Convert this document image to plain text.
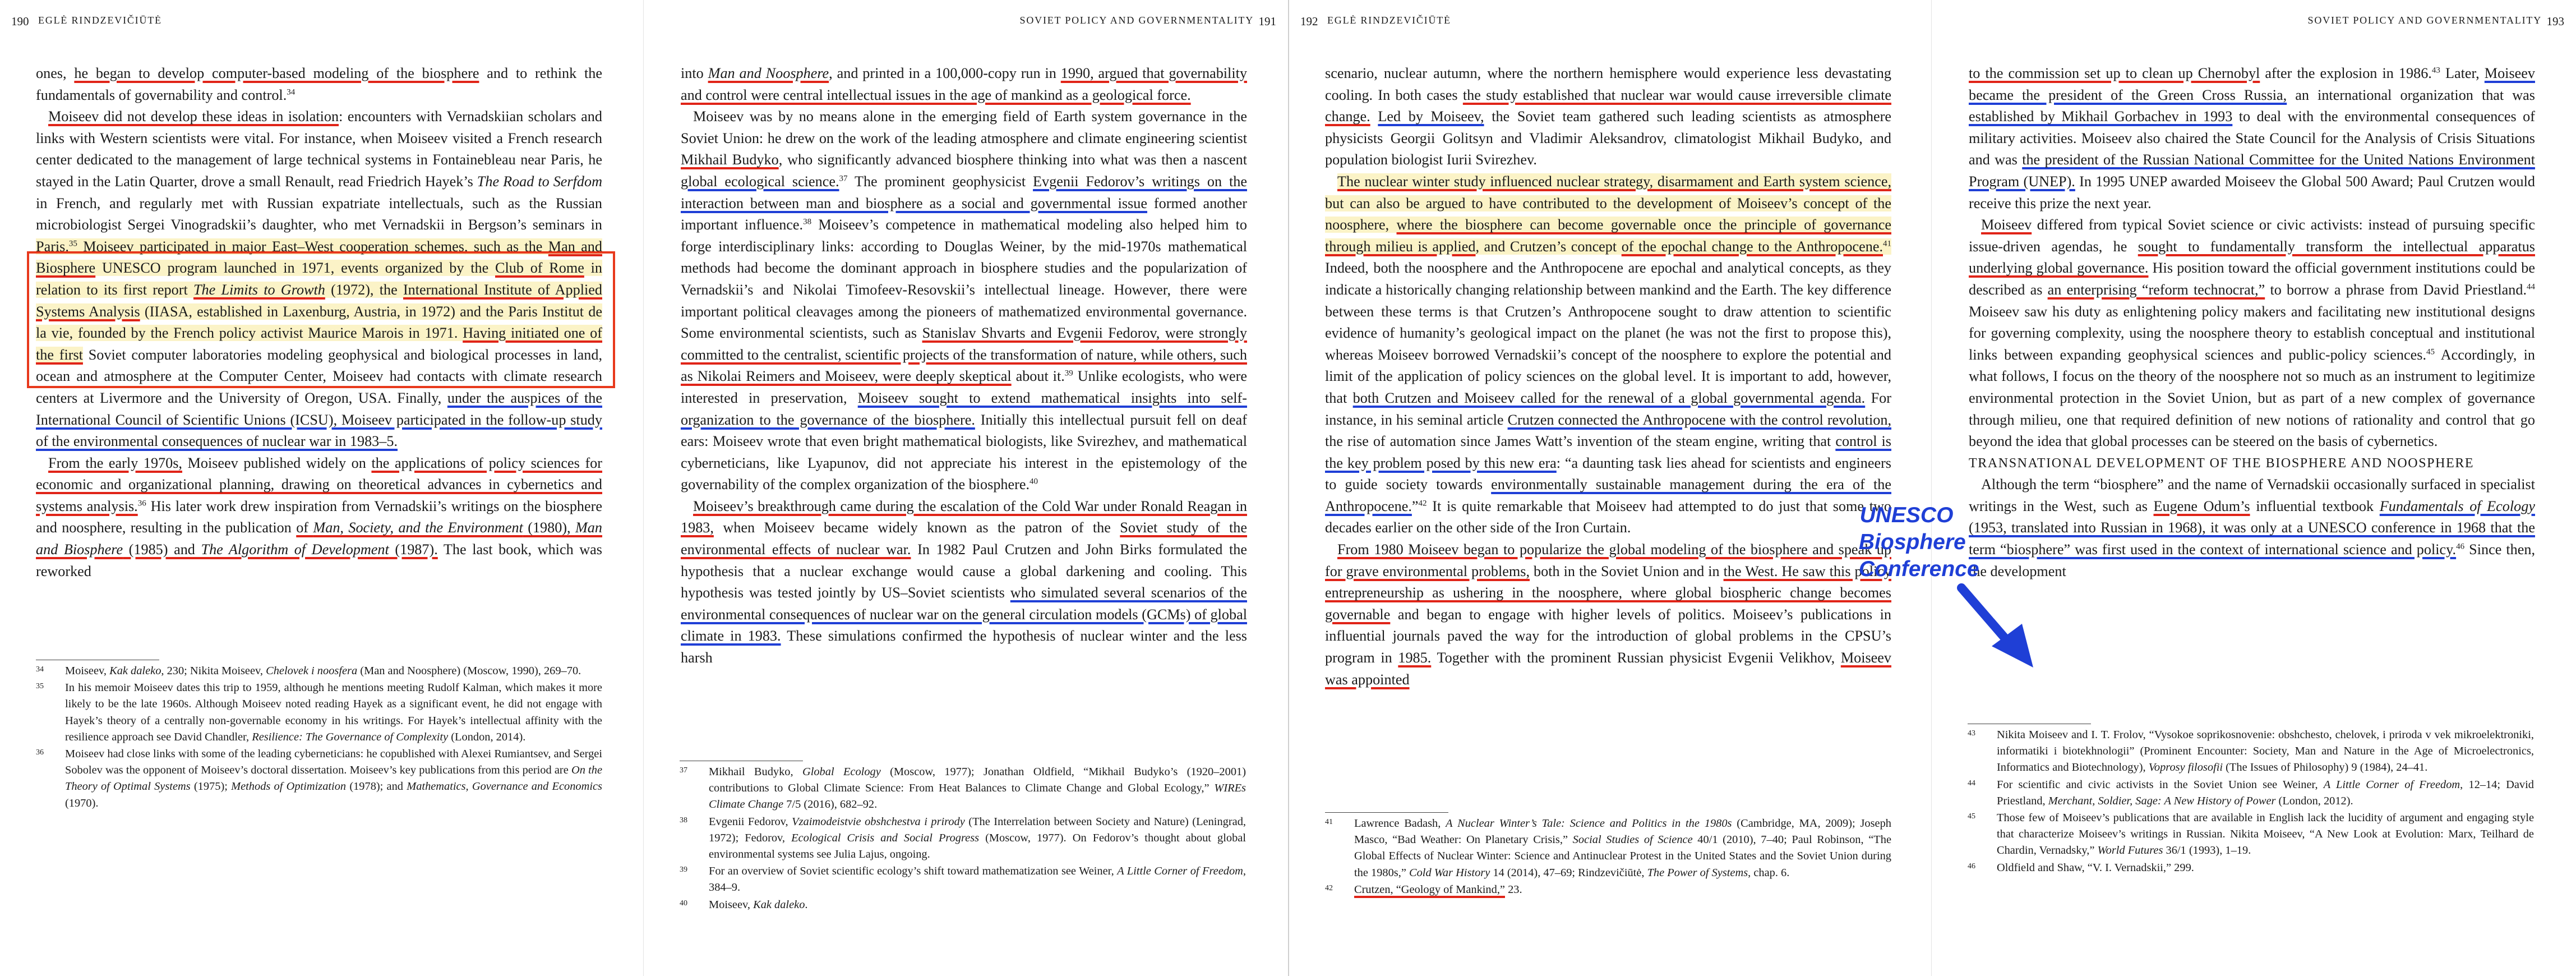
190 EGLĖ RINDZEVIČIŪTĖ

ones, he began to develop computer-based modeling of the biosphere and to rethink the fundamentals of governability and control.$^{34}$

Moiseev did not develop these ideas in isolation: encounters with Vernadskiian scholars and links with Western scientists were vital. For instance, when Moiseev visited a French research center dedicated to the management of large technical systems in Fontainebleau near Paris, he stayed in the Latin Quarter, drove a small Renault, read Friedrich Hayek’s The Road to Serfdom in French, and regularly met with Russian expatriate intellectuals, such as the Russian microbiologist Sergei Vinogradskii’s daughter, who met Vernadskii in Bergson’s seminars in Paris.$^{35}$ Moiseev participated in major East–West cooperation schemes, such as the Man and Biosphere UNESCO program launched in 1971, events organized by the Club of Rome in relation to its first report The Limits to Growth (1972), the International Institute of Applied Systems Analysis (IIASA, established in Laxenburg, Austria, in 1972) and the Paris Institut de la vie, founded by the French policy activist Maurice Marois in 1971. Having initiated one of the first Soviet computer laboratories modeling geophysical and biological processes in land, ocean and atmosphere at the Computer Center, Moiseev had contacts with climate research centers at Livermore and the University of Oregon, USA. Finally, under the auspices of the International Council of Scientific Unions (ICSU), Moiseev participated in the follow-up study of the environmental consequences of nuclear war in 1983–5.

From the early 1970s, Moiseev published widely on the applications of policy sciences for economic and organizational planning, drawing on theoretical advances in cybernetics and systems analysis.$^{36}$ His later work drew inspiration from Vernadskii’s writings on the biosphere and noosphere, resulting in the publication of Man, Society, and the Environment (1980), Man and Biosphere (1985) and The Algorithm of Development (1987). The last book, which was reworked

34 Moiseev, Kak daleko, 230; Nikita Moiseev, Chelovek i noosfera (Man and Noosphere) (Moscow, 1990), 269–70.

35 In his memoir Moiseev dates this trip to 1959, although he mentions meeting Rudolf Kalman, which makes it more likely to be the late 1960s. Although Moiseev noted reading Hayek as a significant event, he did not engage with Hayek’s theory of a centrally non-governable economy in his writings. For Hayek’s intellectual affinity with the resilience approach see David Chandler, Resilience: The Governance of Complexity (London, 2014).

36 Moiseev had close links with some of the leading cyberneticians: he copublished with Alexei Rumiantsev, and Sergei Sobolev was the opponent of Moiseev’s doctoral dissertation. Moiseev’s key publications from this period are On the Theory of Optimal Systems (1975); Methods of Optimization (1978); and Mathematics, Governance and Economics (1970).

SOVIET POLICY AND GOVERNMENTALITY 191

into Man and Noosphere, and printed in a 100,000-copy run in 1990, argued that governability and control were central intellectual issues in the age of mankind as a geological force.

Moiseev was by no means alone in the emerging field of Earth system governance in the Soviet Union: he drew on the work of the leading atmosphere and climate engineering scientist Mikhail Budyko, who significantly advanced biosphere thinking into what was then a nascent global ecological science.$^{37}$ The prominent geophysicist Evgenii Fedorov’s writings on the interaction between man and biosphere as a social and governmental issue formed another important influence.$^{38}$ Moiseev’s competence in mathematical modeling also helped him to forge interdisciplinary links: according to Douglas Weiner, by the mid-1970s mathematical methods had become the dominant approach in biosphere studies and the popularization of Vernadskii’s and Nikolai Timofeev-Resovskii’s intellectual lineage. However, there were important political cleavages among the pioneers of mathematized environmental governance. Some environmental scientists, such as Stanislav Shvarts and Evgenii Fedorov, were strongly committed to the centralist, scientific projects of the transformation of nature, while others, such as Nikolai Reimers and Moiseev, were deeply skeptical about it.$^{39}$ Unlike ecologists, who were interested in preservation, Moiseev sought to extend mathematical insights into self-organization to the governance of the biosphere. Initially this intellectual pursuit fell on deaf ears: Moiseev wrote that even bright mathematical biologists, like Svirezhev, and mathematical cyberneticians, like Lyapunov, did not appreciate his interest in the epistemology of the governability of the complex organization of the biosphere.$^{40}$

Moiseev’s breakthrough came during the escalation of the Cold War under Ronald Reagan in 1983, when Moiseev became widely known as the patron of the Soviet study of the environmental effects of nuclear war. In 1982 Paul Crutzen and John Birks formulated the hypothesis that a nuclear exchange would cause a global darkening and cooling. This hypothesis was tested jointly by US–Soviet scientists who simulated several scenarios of the environmental consequences of nuclear war on the general circulation models (GCMs) of global climate in 1983. These simulations confirmed the hypothesis of nuclear winter and the less harsh

37 Mikhail Budyko, Global Ecology (Moscow, 1977); Jonathan Oldfield, “Mikhail Budyko’s (1920–2001) contributions to Global Climate Science: From Heat Balances to Climate Change and Global Ecology,” WIREs Climate Change 7/5 (2016), 682–92.

38 Evgenii Fedorov, Vzaimodeistvie obshchestva i prirody (The Interrelation between Society and Nature) (Leningrad, 1972); Fedorov, Ecological Crisis and Social Progress (Moscow, 1977). On Fedorov’s thought about global environmental systems see Julia Lajus, ongoing.

39 For an overview of Soviet scientific ecology’s shift toward mathematization see Weiner, A Little Corner of Freedom, 384–9.

40 Moiseev, Kak daleko.

192 EGLĖ RINDZEVIČIŪTĖ

scenario, nuclear autumn, where the northern hemisphere would experience less devastating cooling. In both cases the study established that nuclear war would cause irreversible climate change. Led by Moiseev, the Soviet team gathered such leading scientists as atmosphere physicists Georgii Golitsyn and Vladimir Aleksandrov, climatologist Mikhail Budyko, and population biologist Iurii Svirezhev.

The nuclear winter study influenced nuclear strategy, disarmament and Earth system science, but can also be argued to have contributed to the development of Moiseev’s concept of the noosphere, where the biosphere can become governable once the principle of governance through milieu is applied, and Crutzen’s concept of the epochal change to the Anthropocene.$^{41}$ Indeed, both the noosphere and the Anthropocene are epochal and analytical concepts, as they indicate a historically changing relationship between mankind and the Earth. The key difference between these terms is that Crutzen’s Anthropocene sought to draw attention to scientific evidence of humanity’s geological impact on the planet (he was not the first to propose this), whereas Moiseev borrowed Vernadskii’s concept of the noosphere to explore the potential and limit of the application of policy sciences on the global level. It is important to add, however, that both Crutzen and Moiseev called for the renewal of a global governmental agenda. For instance, in his seminal article Crutzen connected the Anthropocene with the control revolution, the rise of automation since James Watt’s invention of the steam engine, writing that control is the key problem posed by this new era: “a daunting task lies ahead for scientists and engineers to guide society towards environmentally sustainable management during the era of the Anthropocene.”$^{42}$ It is quite remarkable that Moiseev had attempted to do just that some two decades earlier on the other side of the Iron Curtain.

From 1980 Moiseev began to popularize the global modeling of the biosphere and speak up for grave environmental problems, both in the Soviet Union and in the West. He saw this policy entrepreneurship as ushering in the noosphere, where global biospheric change becomes governable and began to engage with higher levels of politics. Moiseev’s publications in influential journals paved the way for the introduction of global problems in the CPSU’s program in 1985. Together with the prominent Russian physicist Evgenii Velikhov, Moiseev was appointed

41 Lawrence Badash, A Nuclear Winter’s Tale: Science and Politics in the 1980s (Cambridge, MA, 2009); Joseph Masco, “Bad Weather: On Planetary Crisis,” Social Studies of Science 40/1 (2010), 7–40; Paul Robinson, “The Global Effects of Nuclear Winter: Science and Antinuclear Protest in the United States and the Soviet Union during the 1980s,” Cold War History 14 (2014), 47–69; Rindzevičiūtė, The Power of Systems, chap. 6.

42 Crutzen, “Geology of Mankind,” 23.

SOVIET POLICY AND GOVERNMENTALITY 193

to the commission set up to clean up Chernobyl after the explosion in 1986.43 Later, Moiseev became the president of the Green Cross Russia, an international organization that was established by Mikhail Gorbachev in 1993 to deal with the environmental consequences of military activities. Moiseev also chaired the State Council for the Analysis of Crisis Situations and was the president of the Russian National Committee for the United Nations Environment Program (UNEP). In 1995 UNEP awarded Moiseev the Global 500 Award; Paul Crutzen would receive this prize the next year.

Moiseev differed from typical Soviet science or civic activists: instead of pursuing specific issue-driven agendas, he sought to fundamentally transform the intellectual apparatus underlying global governance. His position toward the official government institutions could be described as an enterprising “reform technocrat,” to borrow a phrase from David Priestland.$^{44}$ Moiseev saw his duty as enlightening policy makers and facilitating new institutional designs for governing complexity, using the noosphere theory to establish conceptual and institutional links between expanding geophysical sciences and public-policy sciences.$^{45}$ Accordingly, in what follows, I focus on the theory of the noosphere not so much as an instrument to legitimize environmental protection in the Soviet Union, but as part of a new complex of governance through milieu, one that required definition of new notions of rationality and control that go beyond the idea that global processes can be steered on the basis of cybernetics.

TRANSNATIONAL DEVELOPMENT OF THE BIOSPHERE AND NOOSPHERE

Although the term “biosphere” and the name of Vernadskii occasionally surfaced in specialist writings in the West, such as Eugene Odum’s influential textbook Fundamentals of Ecology (1953, translated into Russian in 1968), it was only at a UNESCO conference in 1968 that the term “biosphere” was first used in the context of international science and policy.$^{46}$ Since then, the development

43 Nikita Moiseev and I. T. Frolov, “Vysokoe soprikosnovenie: obshchesto, chelovek, i priroda v vek mikroelektroniki, informatiki i biotekhnologii” (Prominent Encounter: Society, Man and Nature in the Age of Microelectronics, Informatics and Biotechnology), Voprosy filosofii (The Issues of Philosophy) 9 (1984), 24–41.

44 For scientific and civic activists in the Soviet Union see Weiner, A Little Corner of Freedom, 12–14; David Priestland, Merchant, Soldier, Sage: A New History of Power (London, 2012).

45 Those few of Moiseev’s publications that are available in English lack the lucidity of argument and engaging style that characterize Moiseev’s writings in Russian. Nikita Moiseev, “A New Look at Evolution: Marx, Teilhard de Chardin, Vernadsky,” World Futures 36/1 (1993), 1–19.

46 Oldfield and Shaw, “V. I. Vernadskii,” 299.

UNESCO
Biosphere
Conference
